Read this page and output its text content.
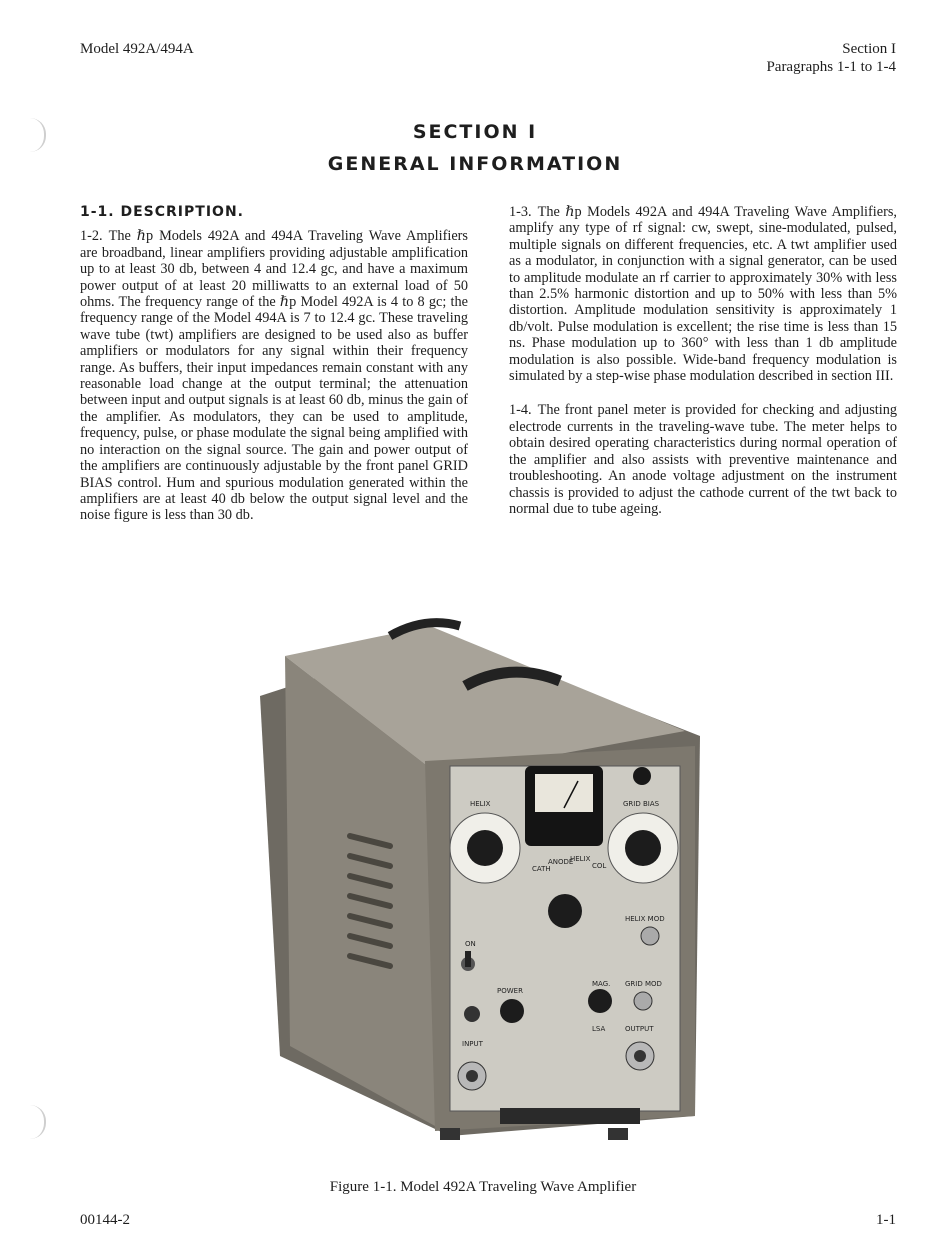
Model 492A/494A	Section I
Paragraphs 1-1 to 1-4
SECTION I
GENERAL INFORMATION
1-1. DESCRIPTION.

1-2. The ℏp Models 492A and 494A Traveling Wave Amplifiers are broadband, linear amplifiers providing adjustable amplification up to at least 30 db, between 4 and 12.4 gc, and have a maximum power output of at least 20 milliwatts to an external load of 50 ohms. The frequency range of the ℏp Model 492A is 4 to 8 gc; the frequency range of the Model 494A is 7 to 12.4 gc. These traveling wave tube (twt) amplifiers are designed to be used also as buffer amplifiers or modulators for any signal within their frequency range. As buffers, their input impedances remain constant with any reasonable load change at the output terminal; the attenuation between input and output signals is at least 60 db, minus the gain of the amplifier. As modulators, they can be used to amplitude, frequency, pulse, or phase modulate the signal being amplified with no interaction on the signal source. The gain and power output of the amplifiers are continuously adjustable by the front panel GRID BIAS control. Hum and spurious modulation generated within the amplifiers are at least 40 db below the output signal level and the noise figure is less than 30 db.

1-3. The ℏp Models 492A and 494A Traveling Wave Amplifiers, amplify any type of rf signal: cw, swept, sine-modulated, pulsed, multiple signals on different frequencies, etc. A twt amplifier used as a modulator, in conjunction with a signal generator, can be used to amplitude modulate an rf carrier to approximately 30% with less than 2.5% harmonic distortion and up to 50% with less than 5% distortion. Amplitude modulation sensitivity is approximately 1 db/volt. Pulse modulation is excellent; the rise time is less than 15 ns. Phase modulation up to 360° with less than 1 db amplitude modulation is also possible. Wide-band frequency modulation is simulated by a step-wise phase modulation described in section III.

1-4. The front panel meter is provided for checking and adjusting electrode currents in the traveling-wave tube. The meter helps to obtain desired operating characteristics during normal operation of the amplifier and also assists with preventive maintenance and troubleshooting. An anode voltage adjustment on the instrument chassis is provided to adjust the cathode current of the twt back to normal due to tube ageing.

HELIX	GRID BIAS
CATH
ANODE
HELIX
COL
ON
HELIX MOD
POWER
MAG. GRID MOD
LSA	OUTPUT
INPUT
Figure 1-1. Model 492A Traveling Wave Amplifier
00144-2	1-1
